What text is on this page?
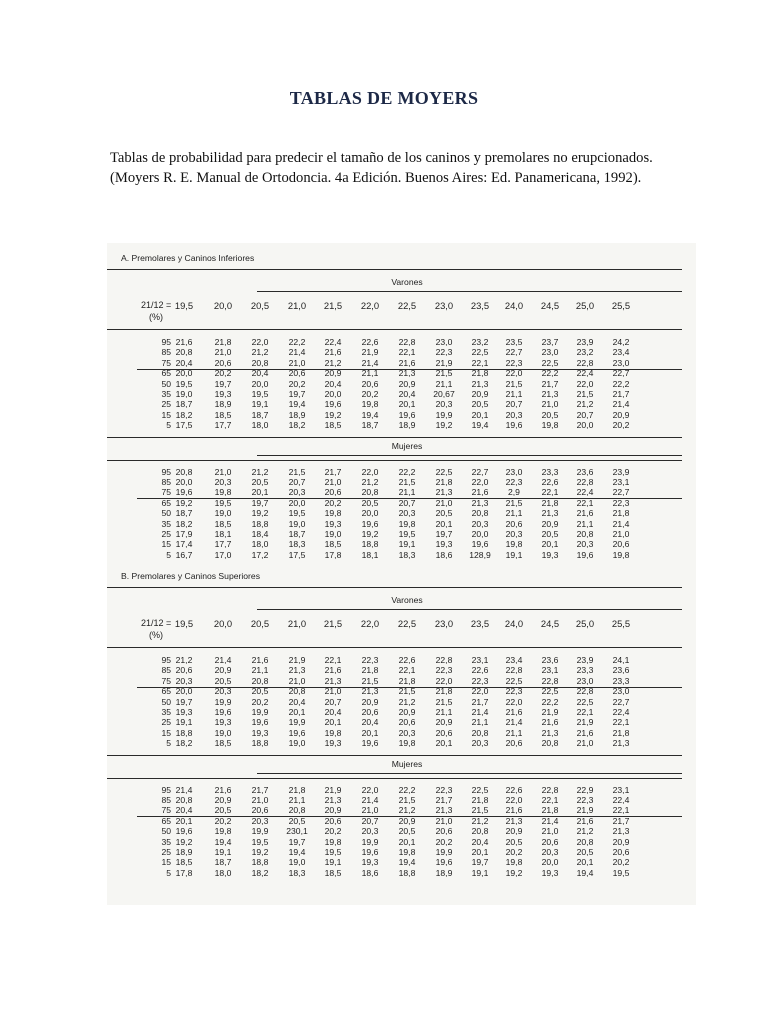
TABLAS DE MOYERS
Tablas de probabilidad para predecir el tamaño de los caninos y premolares no erupcionados. (Moyers R. E. Manual de Ortodoncia. 4a Edición. Buenos Aires: Ed. Panamericana, 1992).
A. Premolares y Caninos Inferiores
Varones
21/12 =
(%)
19,5	20,0	20,5	21,0	21,5	22,0	22,5	23,0	23,5	24,0	24,5	25,0	25,5
95 21,6	21,8	22,0	22,2	22,4	22,6	22,8	23,0	23,2	23,5	23,7	23,9	24,2
85 20,8	21,0	21,2	21,4	21,6	21,9	22,1	22,3	22,5	22,7	23,0	23,2	23,4
75 20,4	20,6	20,8	21,0	21,2	21,4	21,6	21,9	22,1	22,3	22,5	22,8	23,0
65 20,0	20,2	20,4	20,6	20,9	21,1	21,3	21,5	21,8	22,0	22,2	22,4	22,7
50 19,5	19,7	20,0	20,2	20,4	20,6	20,9	21,1	21,3	21,5	21,7	22,0	22,2
35 19,0	19,3	19,5	19,7	20,0	20,2	20,4	20,67	20,9	21,1	21,3	21,5	21,7
25 18,7	18,9	19,1	19,4	19,6	19,8	20,1	20,3	20,5	20,7	21,0	21,2	21,4
15 18,2	18,5	18,7	18,9	19,2	19,4	19,6	19,9	20,1	20,3	20,5	20,7	20,9
5 17,5	17,7	18,0	18,2	18,5	18,7	18,9	19,2	19,4	19,6	19,8	20,0	20,2
Mujeres
95 20,8	21,0	21,2	21,5	21,7	22,0	22,2	22,5	22,7	23,0	23,3	23,6	23,9
85 20,0	20,3	20,5	20,7	21,0	21,2	21,5	21,8	22,0	22,3	22,6	22,8	23,1
75 19,6	19,8	20,1	20,3	20,6	20,8	21,1	21,3	21,6	2,9	22,1	22,4	22,7
65 19,2	19,5	19,7	20,0	20,2	20,5	20,7	21,0	21,3	21,5	21,8	22,1	22,3
50 18,7	19,0	19,2	19,5	19,8	20,0	20,3	20,5	20,8	21,1	21,3	21,6	21,8
35 18,2	18,5	18,8	19,0	19,3	19,6	19,8	20,1	20,3	20,6	20,9	21,1	21,4
25 17,9	18,1	18,4	18,7	19,0	19,2	19,5	19,7	20,0	20,3	20,5	20,8	21,0
15 17,4	17,7	18,0	18,3	18,5	18,8	19,1	19,3	19,6	19,8	20,1	20,3	20,6
5 16,7	17,0	17,2	17,5	17,8	18,1	18,3	18,6	128,9	19,1	19,3	19,6	19,8
B. Premolares y Caninos Superiores
Varones
21/12 =
(%)
19,5	20,0	20,5	21,0	21,5	22,0	22,5	23,0	23,5	24,0	24,5	25,0	25,5
95 21,2	21,4	21,6	21,9	22,1	22,3	22,6	22,8	23,1	23,4	23,6	23,9	24,1
85 20,6	20,9	21,1	21,3	21,6	21,8	22,1	22,3	22,6	22,8	23,1	23,3	23,6
75 20,3	20,5	20,8	21,0	21,3	21,5	21,8	22,0	22,3	22,5	22,8	23,0	23,3
65 20,0	20,3	20,5	20,8	21,0	21,3	21,5	21,8	22,0	22,3	22,5	22,8	23,0
50 19,7	19,9	20,2	20,4	20,7	20,9	21,2	21,5	21,7	22,0	22,2	22,5	22,7
35 19,3	19,6	19,9	20,1	20,4	20,6	20,9	21,1	21,4	21,6	21,9	22,1	22,4
25 19,1	19,3	19,6	19,9	20,1	20,4	20,6	20,9	21,1	21,4	21,6	21,9	22,1
15 18,8	19,0	19,3	19,6	19,8	20,1	20,3	20,6	20,8	21,1	21,3	21,6	21,8
5 18,2	18,5	18,8	19,0	19,3	19,6	19,8	20,1	20,3	20,6	20,8	21,0	21,3
Mujeres
95 21,4	21,6	21,7	21,8	21,9	22,0	22,2	22,3	22,5	22,6	22,8	22,9	23,1
85 20,8	20,9	21,0	21,1	21,3	21,4	21,5	21,7	21,8	22,0	22,1	22,3	22,4
75 20,4	20,5	20,6	20,8	20,9	21,0	21,2	21,3	21,5	21,6	21,8	21,9	22,1
65 20,1	20,2	20,3	20,5	20,6	20,7	20,9	21,0	21,2	21,3	21,4	21,6	21,7
50 19,6	19,8	19,9	230,1	20,2	20,3	20,5	20,6	20,8	20,9	21,0	21,2	21,3
35 19,2	19,4	19,5	19,7	19,8	19,9	20,1	20,2	20,4	20,5	20,6	20,8	20,9
25 18,9	19,1	19,2	19,4	19,5	19,6	19,8	19,9	20,1	20,2	20,3	20,5	20,6
15 18,5	18,7	18,8	19,0	19,1	19,3	19,4	19,6	19,7	19,8	20,0	20,1	20,2
5 17,8	18,0	18,2	18,3	18,5	18,6	18,8	18,9	19,1	19,2	19,3	19,4	19,5
